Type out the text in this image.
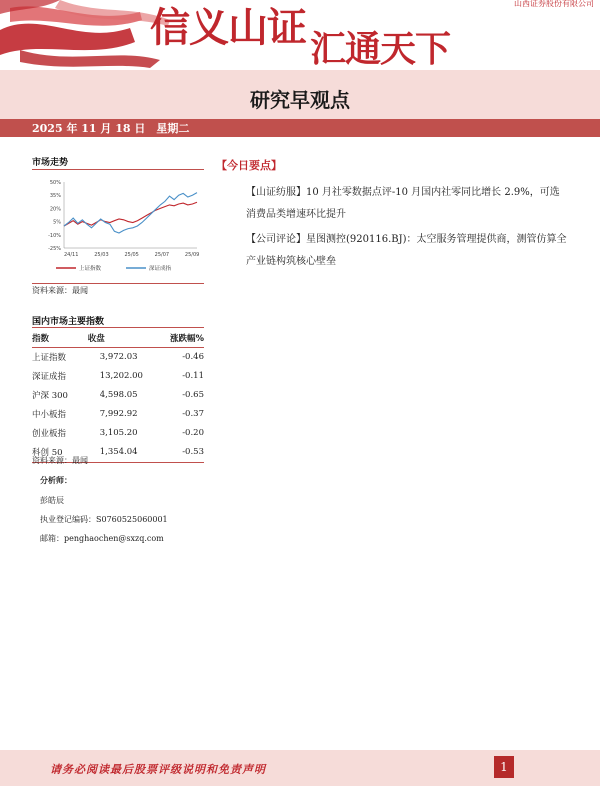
信义山证 汇通天下
山西证券股份有限公司
研究早观点
2025 年 11 月 18 日　星期二
市场走势
50%
35%
20%
5%
-10%
-25%
24/11	25/03	25/05	25/07	25/09
上证指数	深证成指
资料来源：最闻
国内市场主要指数
指数	收盘	涨跌幅%
上证指数	3,972.03	-0.46
深证成指	13,202.00	-0.11
沪深 300	4,598.05	-0.65
中小板指	7,992.92	-0.37
创业板指	3,105.20	-0.20
科创 50	1,354.04	-0.53
资料来源：最闻
分析师：
彭皓辰
执业登记编码：S0760525060001
邮箱：penghaochen@sxzq.com
【今日要点】
【山证纺服】10 月社零数据点评-10 月国内社零同比增长 2.9%，可选消费品类增速环比提升
【公司评论】星图测控(920116.BJ)：太空服务管理提供商，测管仿算全产业链构筑核心壁垒
请务必阅读最后股票评级说明和免责声明	1
